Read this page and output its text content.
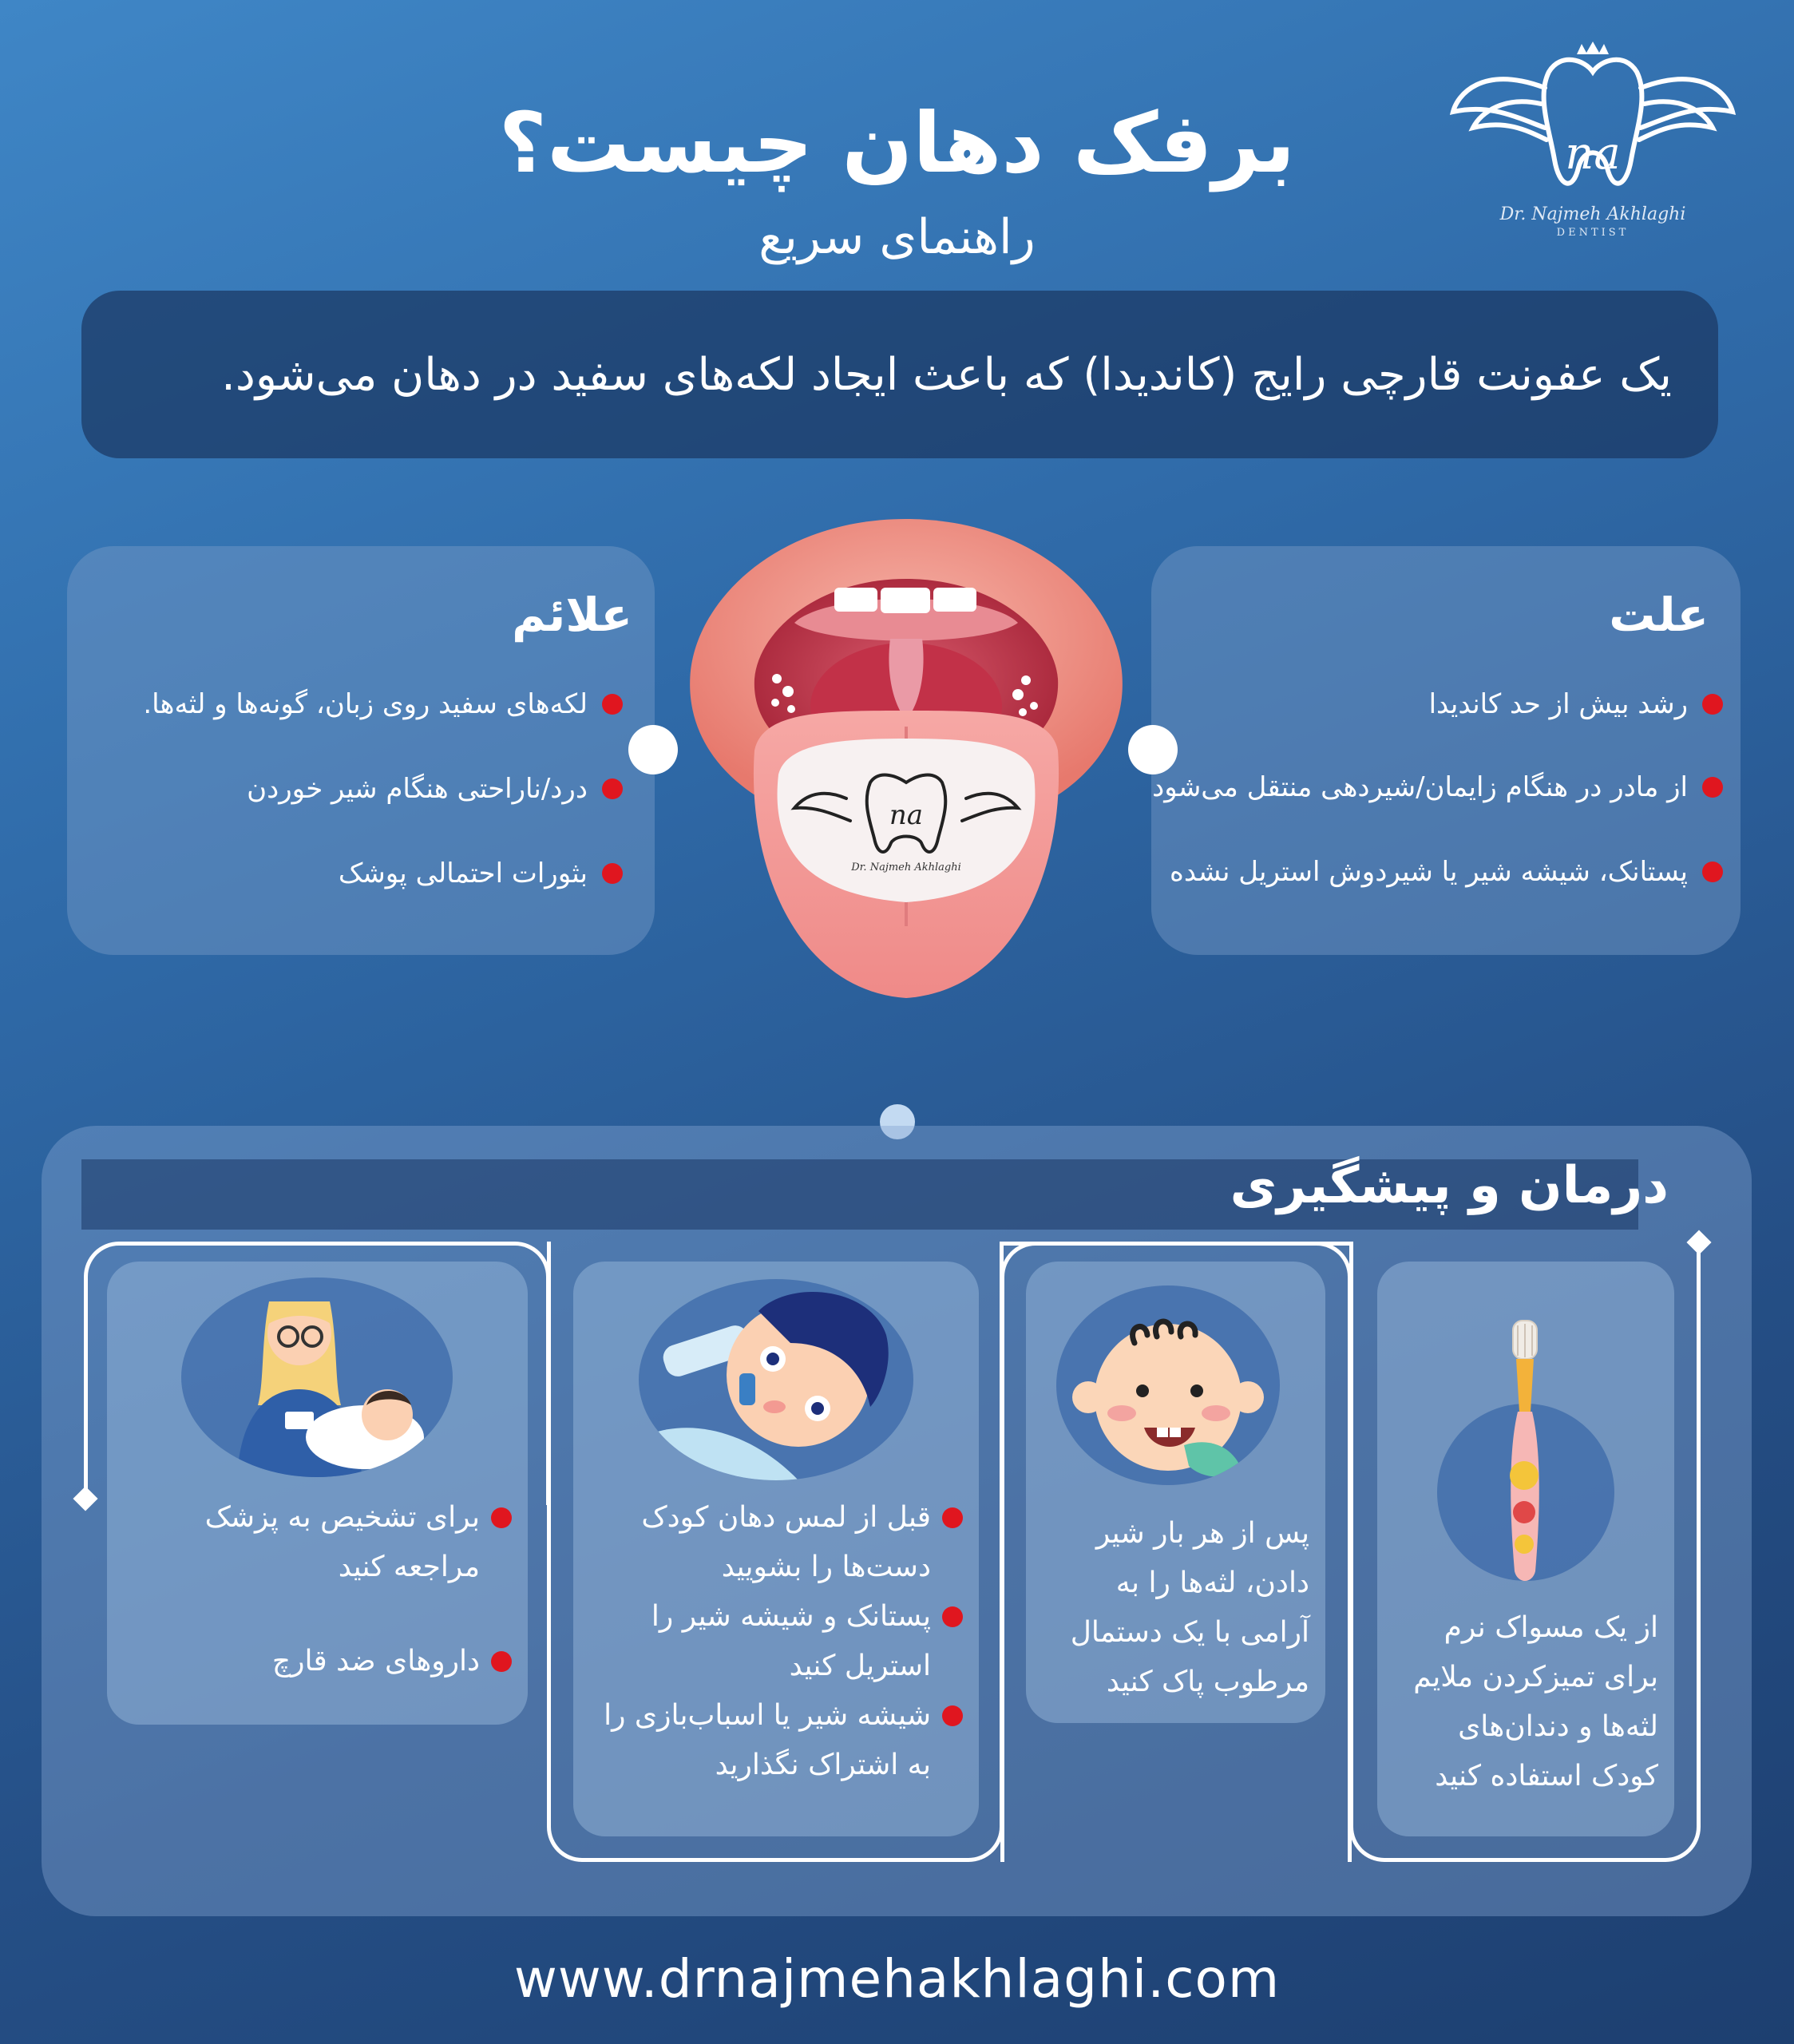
برفک دهان چیست؟
راهنمای سریع
na
Dr. Najmeh Akhlaghi
DENTIST
یک عفونت قارچی رایج (کاندیدا) که باعث ایجاد لکه‌های سفید در دهان می‌شود.
علائم
لکه‌های سفید روی زبان، گونه‌ها و لثه‌ها.
درد/ناراحتی هنگام شیر خوردن
بثورات احتمالی پوشک
علت
رشد بیش از حد کاندیدا
از مادر در هنگام زایمان/شیردهی منتقل می‌شود
پستانک، شیشه شیر یا شیردوش استریل نشده
na
Dr. Najmeh Akhlaghi
درمان و پیشگیری
از یک مسواک نرم برای تمیزکردن ملایم لثه‌ها و دندان‌های کودک استفاده کنید
پس از هر بار شیر دادن، لثه‌ها را به آرامی با یک دستمال مرطوب پاک کنید
قبل از لمس دهان کودک دست‌ها را بشویید
پستانک و شیشه شیر را استریل کنید
شیشه شیر یا اسباب‌بازی را به اشتراک نگذارید
برای تشخیص به پزشک مراجعه کنید
داروهای ضد قارچ
www.drnajmehakhlaghi.com
